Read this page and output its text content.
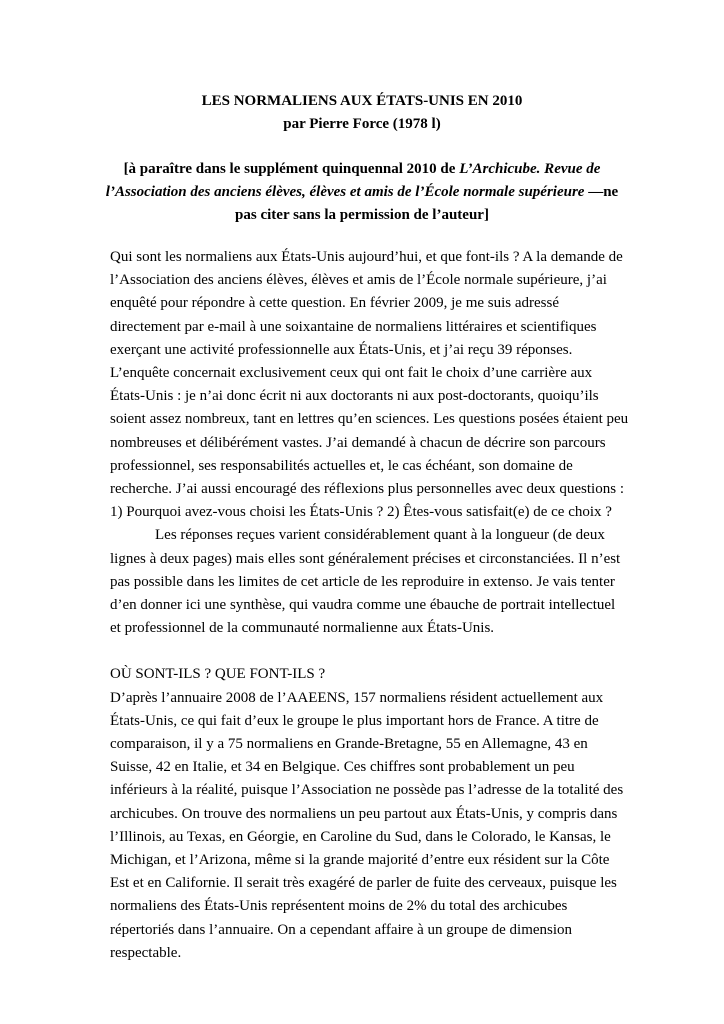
LES NORMALIENS AUX ÉTATS-UNIS EN 2010
par Pierre Force (1978 l)
[à paraître dans le supplément quinquennal 2010 de L’Archicube. Revue de
l’Association des anciens élèves, élèves et amis de l’École normale supérieure —ne
pas citer sans la permission de l’auteur]
Qui sont les normaliens aux États-Unis aujourd’hui, et que font-ils ? A la demande de
l’Association des anciens élèves, élèves et amis de l’École normale supérieure, j’ai
enquêté pour répondre à cette question. En février 2009, je me suis adressé
directement par e-mail à une soixantaine de normaliens littéraires et scientifiques
exerçant une activité professionnelle aux États-Unis, et j’ai reçu 39 réponses.
L’enquête concernait exclusivement ceux qui ont fait le choix d’une carrière aux
États-Unis : je n’ai donc écrit ni aux doctorants ni aux post-doctorants, quoiqu’ils
soient assez nombreux, tant en lettres qu’en sciences. Les questions posées étaient peu
nombreuses et délibérément vastes. J’ai demandé à chacun de décrire son parcours
professionnel, ses responsabilités actuelles et, le cas échéant, son domaine de
recherche. J’ai aussi encouragé des réflexions plus personnelles avec deux questions :
1) Pourquoi avez-vous choisi les États-Unis ? 2) Êtes-vous satisfait(e) de ce choix ?
Les réponses reçues varient considérablement quant à la longueur (de deux
lignes à deux pages) mais elles sont généralement précises et circonstanciées. Il n’est
pas possible dans les limites de cet article de les reproduire in extenso. Je vais tenter
d’en donner ici une synthèse, qui vaudra comme une ébauche de portrait intellectuel
et professionnel de la communauté normalienne aux États-Unis.
OÙ SONT-ILS ? QUE FONT-ILS ?
D’après l’annuaire 2008 de l’AAEENS, 157 normaliens résident actuellement aux
États-Unis, ce qui fait d’eux le groupe le plus important hors de France. A titre de
comparaison, il y a 75 normaliens en Grande-Bretagne, 55 en Allemagne, 43 en
Suisse, 42 en Italie, et 34 en Belgique. Ces chiffres sont probablement un peu
inférieurs à la réalité, puisque l’Association ne possède pas l’adresse de la totalité des
archicubes. On trouve des normaliens un peu partout aux États-Unis, y compris dans
l’Illinois, au Texas, en Géorgie, en Caroline du Sud, dans le Colorado, le Kansas, le
Michigan, et l’Arizona, même si la grande majorité d’entre eux résident sur la Côte
Est et en Californie. Il serait très exagéré de parler de fuite des cerveaux, puisque les
normaliens des États-Unis représentent moins de 2% du total des archicubes
répertoriés dans l’annuaire. On a cependant affaire à un groupe de dimension
respectable.
